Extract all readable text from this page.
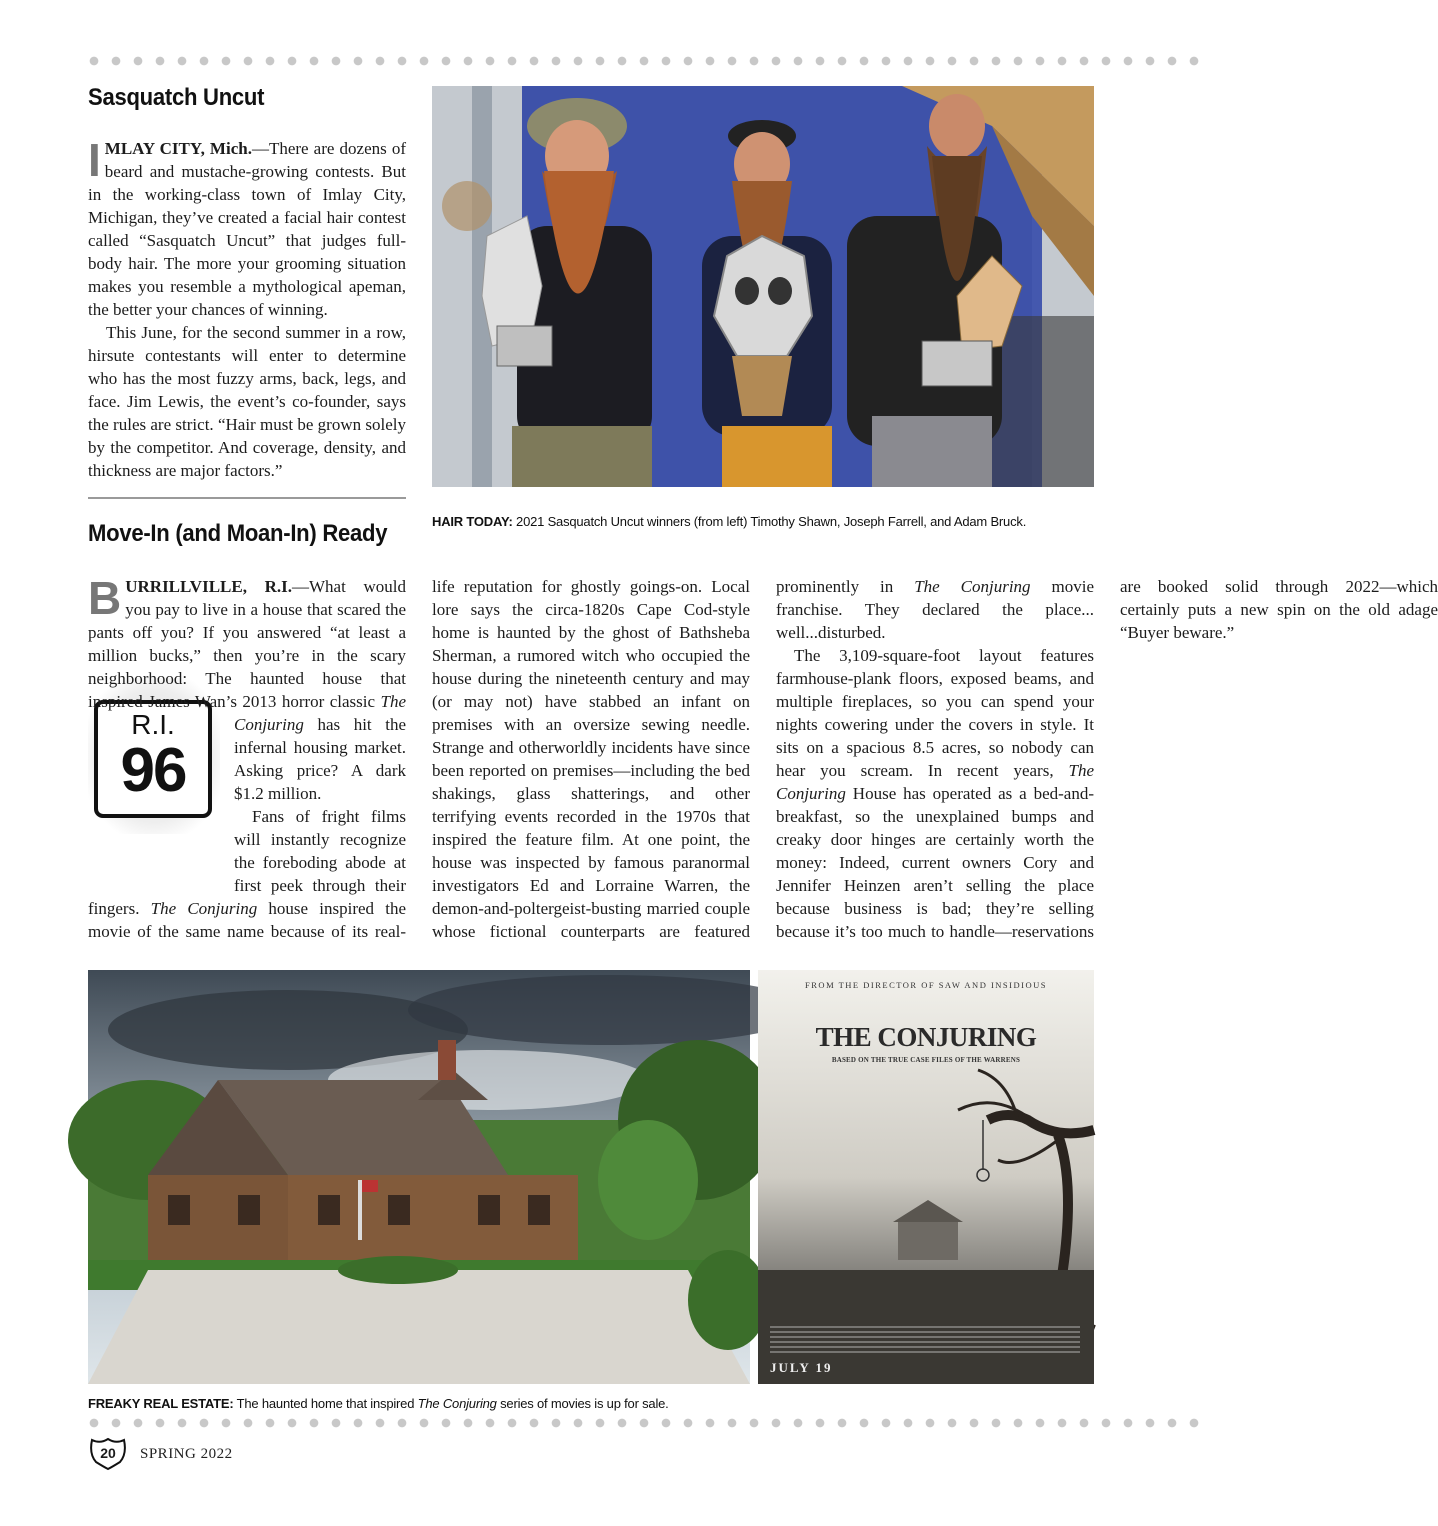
Sasquatch Uncut

IMLAY CITY, Mich.—There are dozens of beard and mustache-growing contests. But in the working-class town of Imlay City, Michigan, they’ve created a facial hair contest called “Sasquatch Uncut” that judges full-body hair. The more your grooming situation makes you resemble a mythological apeman, the better your chances of winning.

This June, for the second summer in a row, hirsute contestants will enter to determine who has the most fuzzy arms, back, legs, and face. Jim Lewis, the event’s co-founder, says the rules are strict. “Hair must be grown solely by the competitor. And coverage, density, and thickness are major factors.”

HAIR TODAY: 2021 Sasquatch Uncut winners (from left) Timothy Shawn, Joseph Farrell, and Adam Bruck.
Move-In (and Moan-In) Ready
R.I.
96

BURRILLVILLE, R.I.—What would you pay to live in a house that scared the pants off you? If you answered “at least a million bucks,” then you’re in the scary neighborhood: The haunted house that inspired James Wan’s 2013 horror classic
The Conjuring has hit the infernal housing market. Asking price? A dark $1.2 million.

Fans of fright films will instantly recognize the foreboding abode at first peek through their fingers. The Conjuring house inspired the movie of the same name because of its real-life reputation for ghostly goings-on. Local lore says the circa-1820s Cape Cod-style home is haunted by the ghost of Bathsheba Sherman, a rumored witch who occupied the house during the nineteenth century and may (or may not) have stabbed an infant on premises with an oversize sewing needle. Strange and otherworldly incidents have since been reported on premises—including the bed shakings, glass shatterings, and other terrifying events recorded in the 1970s that inspired the feature film. At one point, the house was inspected by famous paranormal investigators Ed and Lorraine Warren, the demon-and-poltergeist-busting married couple whose fictional counterparts are featured prominently in The Conjuring movie franchise. They declared the place... well...disturbed.

The 3,109-square-foot layout features farmhouse-plank floors, exposed beams, and multiple fireplaces, so you can spend your nights cowering under the covers in style. It sits on a spacious 8.5 acres, so nobody can hear you scream. In recent years, The Conjuring House has operated as a bed-and-breakfast, so the unexplained bumps and creaky door hinges are certainly worth the money: Indeed, current owners Cory and Jennifer Heinzen aren’t selling the place because business is bad; they’re selling because it’s too much to handle—reservations are booked solid through 2022—which certainly puts a new spin on the old adage “Buyer beware.”

FROM THE DIRECTOR OF SAW AND INSIDIOUS
THE CONJURING
BASED ON THE TRUE CASE FILES OF THE WARRENS
JULY 19
FREAKY REAL ESTATE: The haunted home that inspired The Conjuring series of movies is up for sale.
20	SPRING 2022
